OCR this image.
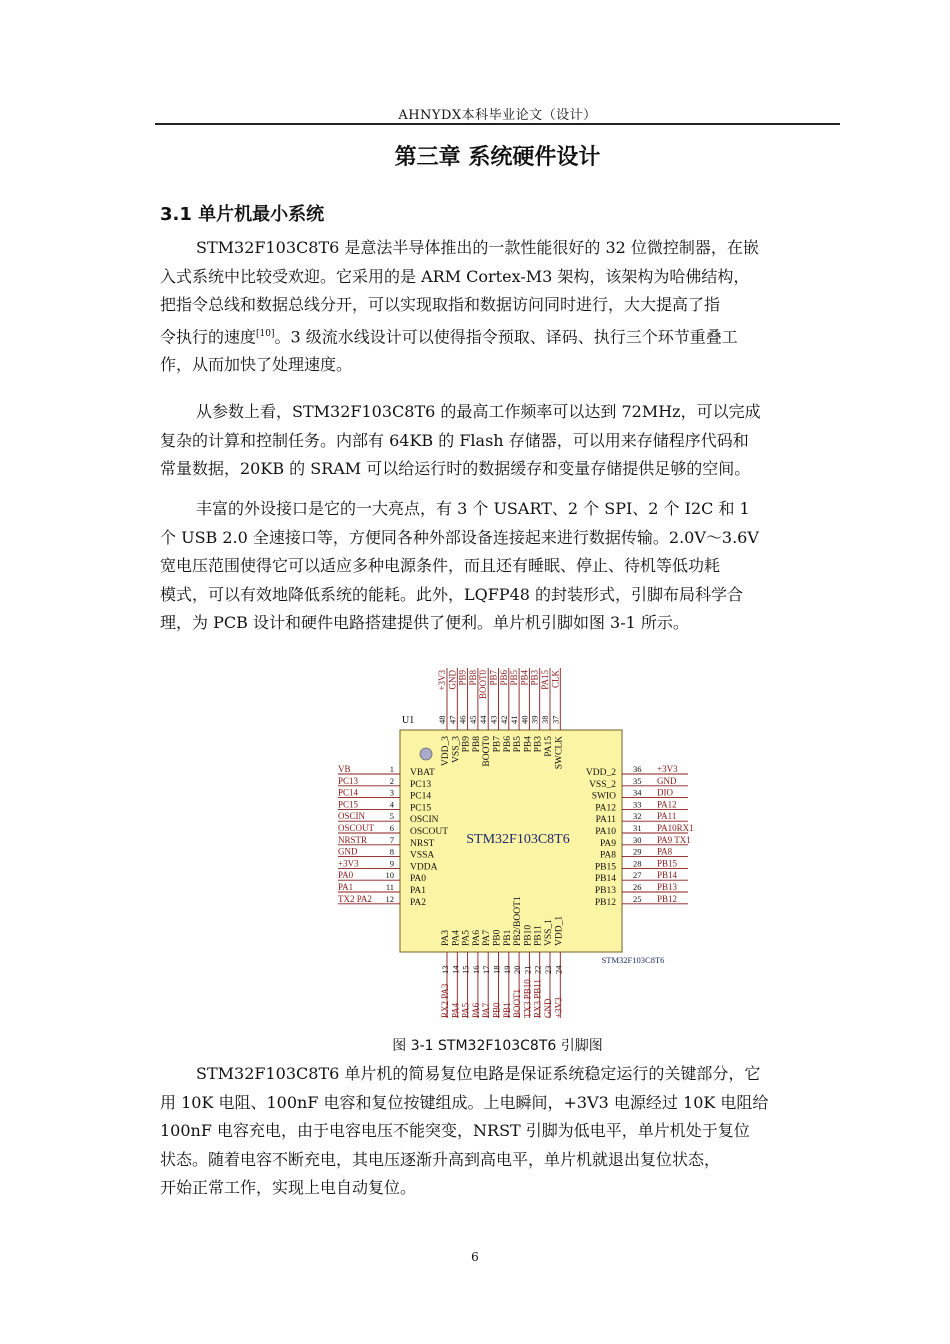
AHNYDX本科毕业论文（设计）
第三章 系统硬件设计
3.1 单片机最小系统
STM32F103C8T6 是意法半导体推出的一款性能很好的 32 位微控制器，在嵌
入式系统中比较受欢迎。它采用的是 ARM Cortex-M3 架构，该架构为哈佛结构，
把指令总线和数据总线分开，可以实现取指和数据访问同时进行，大大提高了指
令执行的速度[10]。3 级流水线设计可以使得指令预取、译码、执行三个环节重叠工
作，从而加快了处理速度。
从参数上看，STM32F103C8T6 的最高工作频率可以达到 72MHz，可以完成
复杂的计算和控制任务。内部有 64KB 的 Flash 存储器，可以用来存储程序代码和
常量数据，20KB 的 SRAM 可以给运行时的数据缓存和变量存储提供足够的空间。
丰富的外设接口是它的一大亮点，有 3 个 USART、2 个 SPI、2 个 I2C 和 1
个 USB 2.0 全速接口等，方便同各种外部设备连接起来进行数据传输。2.0V～3.6V
宽电压范围使得它可以适应多种电源条件，而且还有睡眠、停止、待机等低功耗
模式，可以有效地降低系统的能耗。此外，LQFP48 的封装形式，引脚布局科学合
理，为 PCB 设计和硬件电路搭建提供了便利。单片机引脚如图 3-1 所示。
U1
STM32F103C8T6
STM32F103C8T6
VB	1 VBAT
PC13	2 PC13
PC14	3 PC14
PC15	4 PC15
OSCIN	5 OSCIN
OSCOUT 6 OSCOUT
NRSTR	7 NRST
GND	8 VSSA
+3V3	9 VDDA
PA0	10 PA0
PA1	11 PA1
TX2 PA2 12 PA2
+3V3
36
VDD_2
GND
35
VSS_2
DIO
34
SWIO
PA12
33
PA12
PA11
32
PA11
PA10RX1
31
PA10
PA9 TX1
30
PA9
PA8
29
PA8
PB15
28
PB15
PB14
27
PB14
PB13
26
PB13
PB12
25
PB12
+3V3
48
VDD_3
GND
47
VSS_3
PB9
46
PB9
PB8
45
PB8
BOOT0
44
BOOT0
PB7
43
PB7
PB6
42
PB6
PB5
41
PB5
PB4
40
PB4
PB3
39
PB3
PA15
38
PA15
CLK
37
SWCLK
PA3
13
RX2 PA3
PA4
14
PA4
PA5
15
PA5
PA6
16
PA6
PA7
17
PA7
PB0
18
PB0
PB1
19
PB1
PB2/BOOT1
20
BOOT1
PB10
21
TX3 PB10
PB11
22
RX3 PB11
VSS_1
23
GND
VDD_1
24
+3V3
图 3-1 STM32F103C8T6 引脚图
STM32F103C8T6 单片机的简易复位电路是保证系统稳定运行的关键部分，它
用 10K 电阻、100nF 电容和复位按键组成。上电瞬间，+3V3 电源经过 10K 电阻给
100nF 电容充电，由于电容电压不能突变，NRST 引脚为低电平，单片机处于复位
状态。随着电容不断充电，其电压逐渐升高到高电平，单片机就退出复位状态，
开始正常工作，实现上电自动复位。
6
